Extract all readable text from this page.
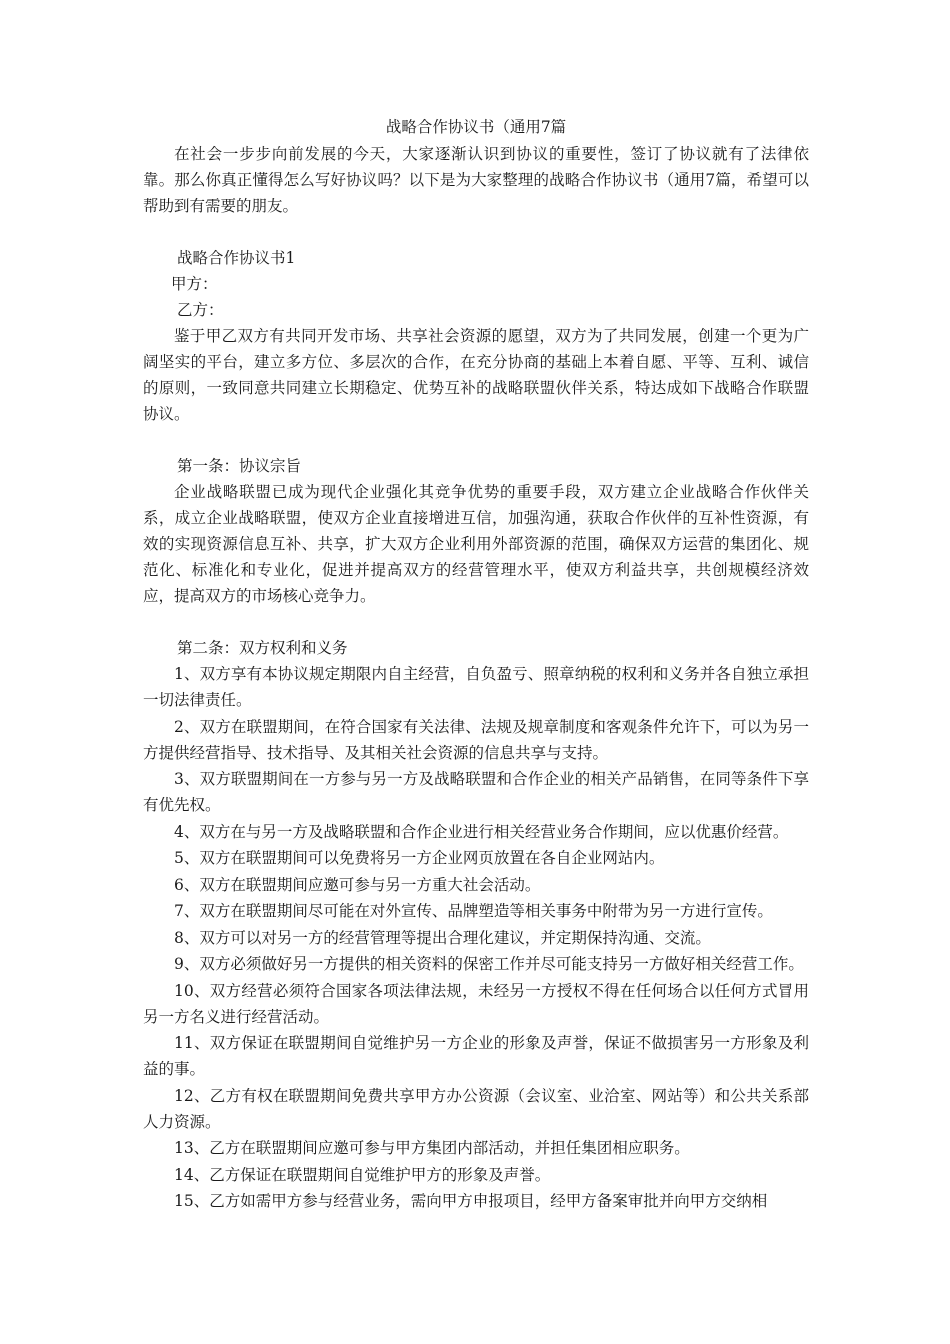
战略合作协议书（通用7篇

在社会一步步向前发展的今天，大家逐渐认识到协议的重要性，签订了协议就有了法律依靠。那么你真正懂得怎么写好协议吗？以下是为大家整理的战略合作协议书（通用7篇，希望可以帮助到有需要的朋友。

战略合作协议书1

甲方：

乙方：

鉴于甲乙双方有共同开发市场、共享社会资源的愿望，双方为了共同发展，创建一个更为广阔坚实的平台，建立多方位、多层次的合作，在充分协商的基础上本着自愿、平等、互利、诚信的原则，一致同意共同建立长期稳定、优势互补的战略联盟伙伴关系，特达成如下战略合作联盟协议。

第一条：协议宗旨

企业战略联盟已成为现代企业强化其竞争优势的重要手段，双方建立企业战略合作伙伴关系，成立企业战略联盟，使双方企业直接增进互信，加强沟通，获取合作伙伴的互补性资源，有效的实现资源信息互补、共享，扩大双方企业利用外部资源的范围，确保双方运营的集团化、规范化、标准化和专业化，促进并提高双方的经营管理水平，使双方利益共享，共创规模经济效应，提高双方的市场核心竞争力。

第二条：双方权利和义务

1、双方享有本协议规定期限内自主经营，自负盈亏、照章纳税的权利和义务并各自独立承担一切法律责任。

2、双方在联盟期间，在符合国家有关法律、法规及规章制度和客观条件允许下，可以为另一方提供经营指导、技术指导、及其相关社会资源的信息共享与支持。

3、双方联盟期间在一方参与另一方及战略联盟和合作企业的相关产品销售，在同等条件下享有优先权。

4、双方在与另一方及战略联盟和合作企业进行相关经营业务合作期间，应以优惠价经营。

5、双方在联盟期间可以免费将另一方企业网页放置在各自企业网站内。

6、双方在联盟期间应邀可参与另一方重大社会活动。

7、双方在联盟期间尽可能在对外宣传、品牌塑造等相关事务中附带为另一方进行宣传。

8、双方可以对另一方的经营管理等提出合理化建议，并定期保持沟通、交流。

9、双方必须做好另一方提供的相关资料的保密工作并尽可能支持另一方做好相关经营工作。

10、双方经营必须符合国家各项法律法规，未经另一方授权不得在任何场合以任何方式冒用另一方名义进行经营活动。

11、双方保证在联盟期间自觉维护另一方企业的形象及声誉，保证不做损害另一方形象及利益的事。

12、乙方有权在联盟期间免费共享甲方办公资源（会议室、业洽室、网站等）和公共关系部人力资源。

13、乙方在联盟期间应邀可参与甲方集团内部活动，并担任集团相应职务。

14、乙方保证在联盟期间自觉维护甲方的形象及声誉。

15、乙方如需甲方参与经营业务，需向甲方申报项目，经甲方备案审批并向甲方交纳相
